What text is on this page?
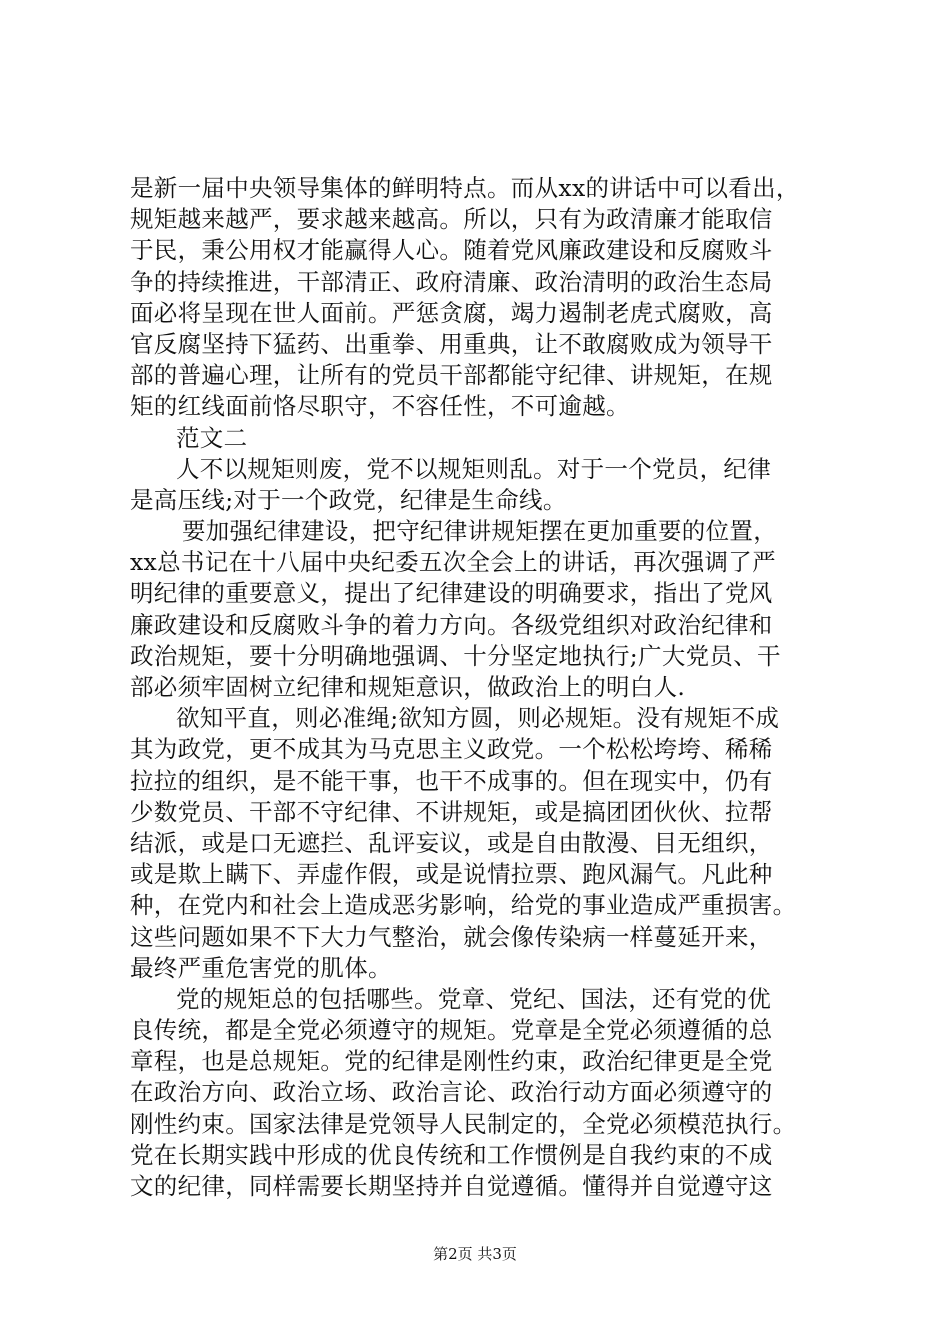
是新一届中央领导集体的鲜明特点。而从xx的讲话中可以看出，
规矩越来越严，要求越来越高。所以，只有为政清廉才能取信
于民，秉公用权才能赢得人心。随着党风廉政建设和反腐败斗
争的持续推进，干部清正、政府清廉、政治清明的政治生态局
面必将呈现在世人面前。严惩贪腐，竭力遏制老虎式腐败，高
官反腐坚持下猛药、出重拳、用重典，让不敢腐败成为领导干
部的普遍心理，让所有的党员干部都能守纪律、讲规矩，在规
矩的红线面前恪尽职守，不容任性，不可逾越。
范文二
人不以规矩则废，党不以规矩则乱。对于一个党员，纪律
是高压线;对于一个政党，纪律是生命线。
要加强纪律建设，把守纪律讲规矩摆在更加重要的位置，
xx总书记在十八届中央纪委五次全会上的讲话，再次强调了严
明纪律的重要意义，提出了纪律建设的明确要求，指出了党风
廉政建设和反腐败斗争的着力方向。各级党组织对政治纪律和
政治规矩，要十分明确地强调、十分坚定地执行;广大党员、干
部必须牢固树立纪律和规矩意识，做政治上的明白人.
欲知平直，则必准绳;欲知方圆，则必规矩。没有规矩不成
其为政党，更不成其为马克思主义政党。一个松松垮垮、稀稀
拉拉的组织，是不能干事，也干不成事的。但在现实中，仍有
少数党员、干部不守纪律、不讲规矩，或是搞团团伙伙、拉帮
结派，或是口无遮拦、乱评妄议，或是自由散漫、目无组织，
或是欺上瞒下、弄虚作假，或是说情拉票、跑风漏气。凡此种
种，在党内和社会上造成恶劣影响，给党的事业造成严重损害。
这些问题如果不下大力气整治，就会像传染病一样蔓延开来，
最终严重危害党的肌体。
党的规矩总的包括哪些。党章、党纪、国法，还有党的优
良传统，都是全党必须遵守的规矩。党章是全党必须遵循的总
章程，也是总规矩。党的纪律是刚性约束，政治纪律更是全党
在政治方向、政治立场、政治言论、政治行动方面必须遵守的
刚性约束。国家法律是党领导人民制定的，全党必须模范执行。
党在长期实践中形成的优良传统和工作惯例是自我约束的不成
文的纪律，同样需要长期坚持并自觉遵循。懂得并自觉遵守这
第2页 共3页
